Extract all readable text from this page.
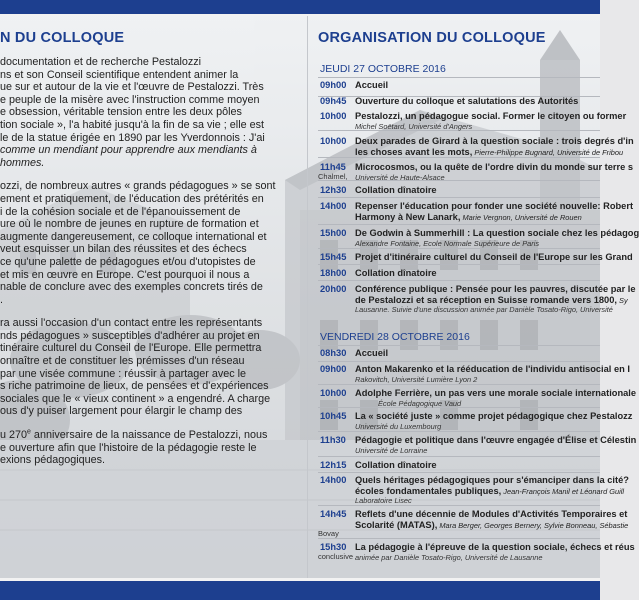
N DU COLLOQUE

documentation et de recherche Pestalozzi
ns et son Conseil scientifique entendent animer la
ue sur et autour de la vie et l'œuvre de Pestalozzi. Très
e peuple de la misère avec l'instruction comme moyen
e obsession, véritable tension entre les deux pôles
tion sociale », l'a habité jusqu'à la fin de sa vie ; elle est
le de la statue érigée en 1890 par les Yverdonnois : J'ai
comme un mendiant pour apprendre aux mendiants à
hommes.

ozzi, de nombreux autres « grands pédagogues » se sont
ement et pratiquement, de l'éducation des prétérités en
i de la cohésion sociale et de l'épanouissement de
ure où le nombre de jeunes en rupture de formation et
augmente dangereusement, ce colloque international et
veut esquisser un bilan des réussites et des échecs
ce qu'une palette de pédagogues et/ou d'utopistes de
et mis en œuvre en Europe. C'est pourquoi il nous a
nable de conclure avec des exemples concrets tirés de
.

ra aussi l'occasion d'un contact entre les représentants
nds pédagogues » susceptibles d'adhérer au projet en
tinéraire culturel du Conseil de l'Europe. Elle permettra
onnaître et de constituer les prémisses d'un réseau
par une visée commune : réussir à partager avec le
s riche patrimoine de lieux, de pensées et d'expériences
sociales que le « vieux continent » a engendré. A charge
ous d'y puiser largement pour élargir le champ des

u 270e anniversaire de la naissance de Pestalozzi, nous
e ouverture afin que l'histoire de la pédagogie reste le
exions pédagogiques.

ORGANISATION DU COLLOQUE
JEUDI 27 OCTOBRE 2016
09h00 Accueil
09h45 Ouverture du colloque et salutations des Autorités
10h00 Pestalozzi, un pédagogue social. Former le citoyen ou former
Michel Soëtard, Université d'Angers
10h00 Deux parades de Girard à la question sociale : trois degrés d'in
les choses avant les mots, Pierre-Philippe Bugnard, Université de Fribou
11h45
Chalmel,
Microcosmos, ou la quête de l'ordre divin du monde sur terre s
Université de Haute-Alsace
12h30 Collation dînatoire
14h00 Repenser l'éducation pour fonder une société nouvelle: Robert
Harmony à New Lanark, Marie Vergnon, Université de Rouen
15h00 De Godwin à Summerhill : La question sociale chez les pédagog
Alexandre Fontaine, Ecole Normale Supérieure de Paris
15h45 Projet d'itinéraire culturel du Conseil de l'Europe sur les Grand
18h00 Collation dînatoire
20h00 Conférence publique : Pensée pour les pauvres, discutée par le
de Pestalozzi et sa réception en Suisse romande vers 1800, Sy
Lausanne. Suivie d'une discussion animée par Danièle Tosato-Rigo, Université
VENDREDI 28 OCTOBRE 2016
08h30 Accueil
09h00 Anton Makarenko et la rééducation de l'individu antisocial en I
Rakovitch, Université Lumière Lyon 2
10h00 Adolphe Ferrière, un pas vers une morale sociale internationale
École Pédagogique Vaud
10h45 La « société juste » comme projet pédagogique chez Pestalozz
Université du Luxembourg
11h30 Pédagogie et politique dans l'œuvre engagée d'Élise et Célestin
Université de Lorraine
12h15 Collation dînatoire
14h00 Quels héritages pédagogiques pour s'émanciper dans la cité?
écoles fondamentales publiques, Jean-François Manil et Léonard Guill
Laboratoire Lisec
14h45
Bovay
Reflets d'une décennie de Modules d'Activités Temporaires et
Scolarité (MATAS), Mara Berger, Georges Bernery, Sylvie Bonneau, Sébastie
15h30
conclusive
La pédagogie à l'épreuve de la question sociale, échecs et réus
animée par Danièle Tosato-Rigo, Université de Lausanne
